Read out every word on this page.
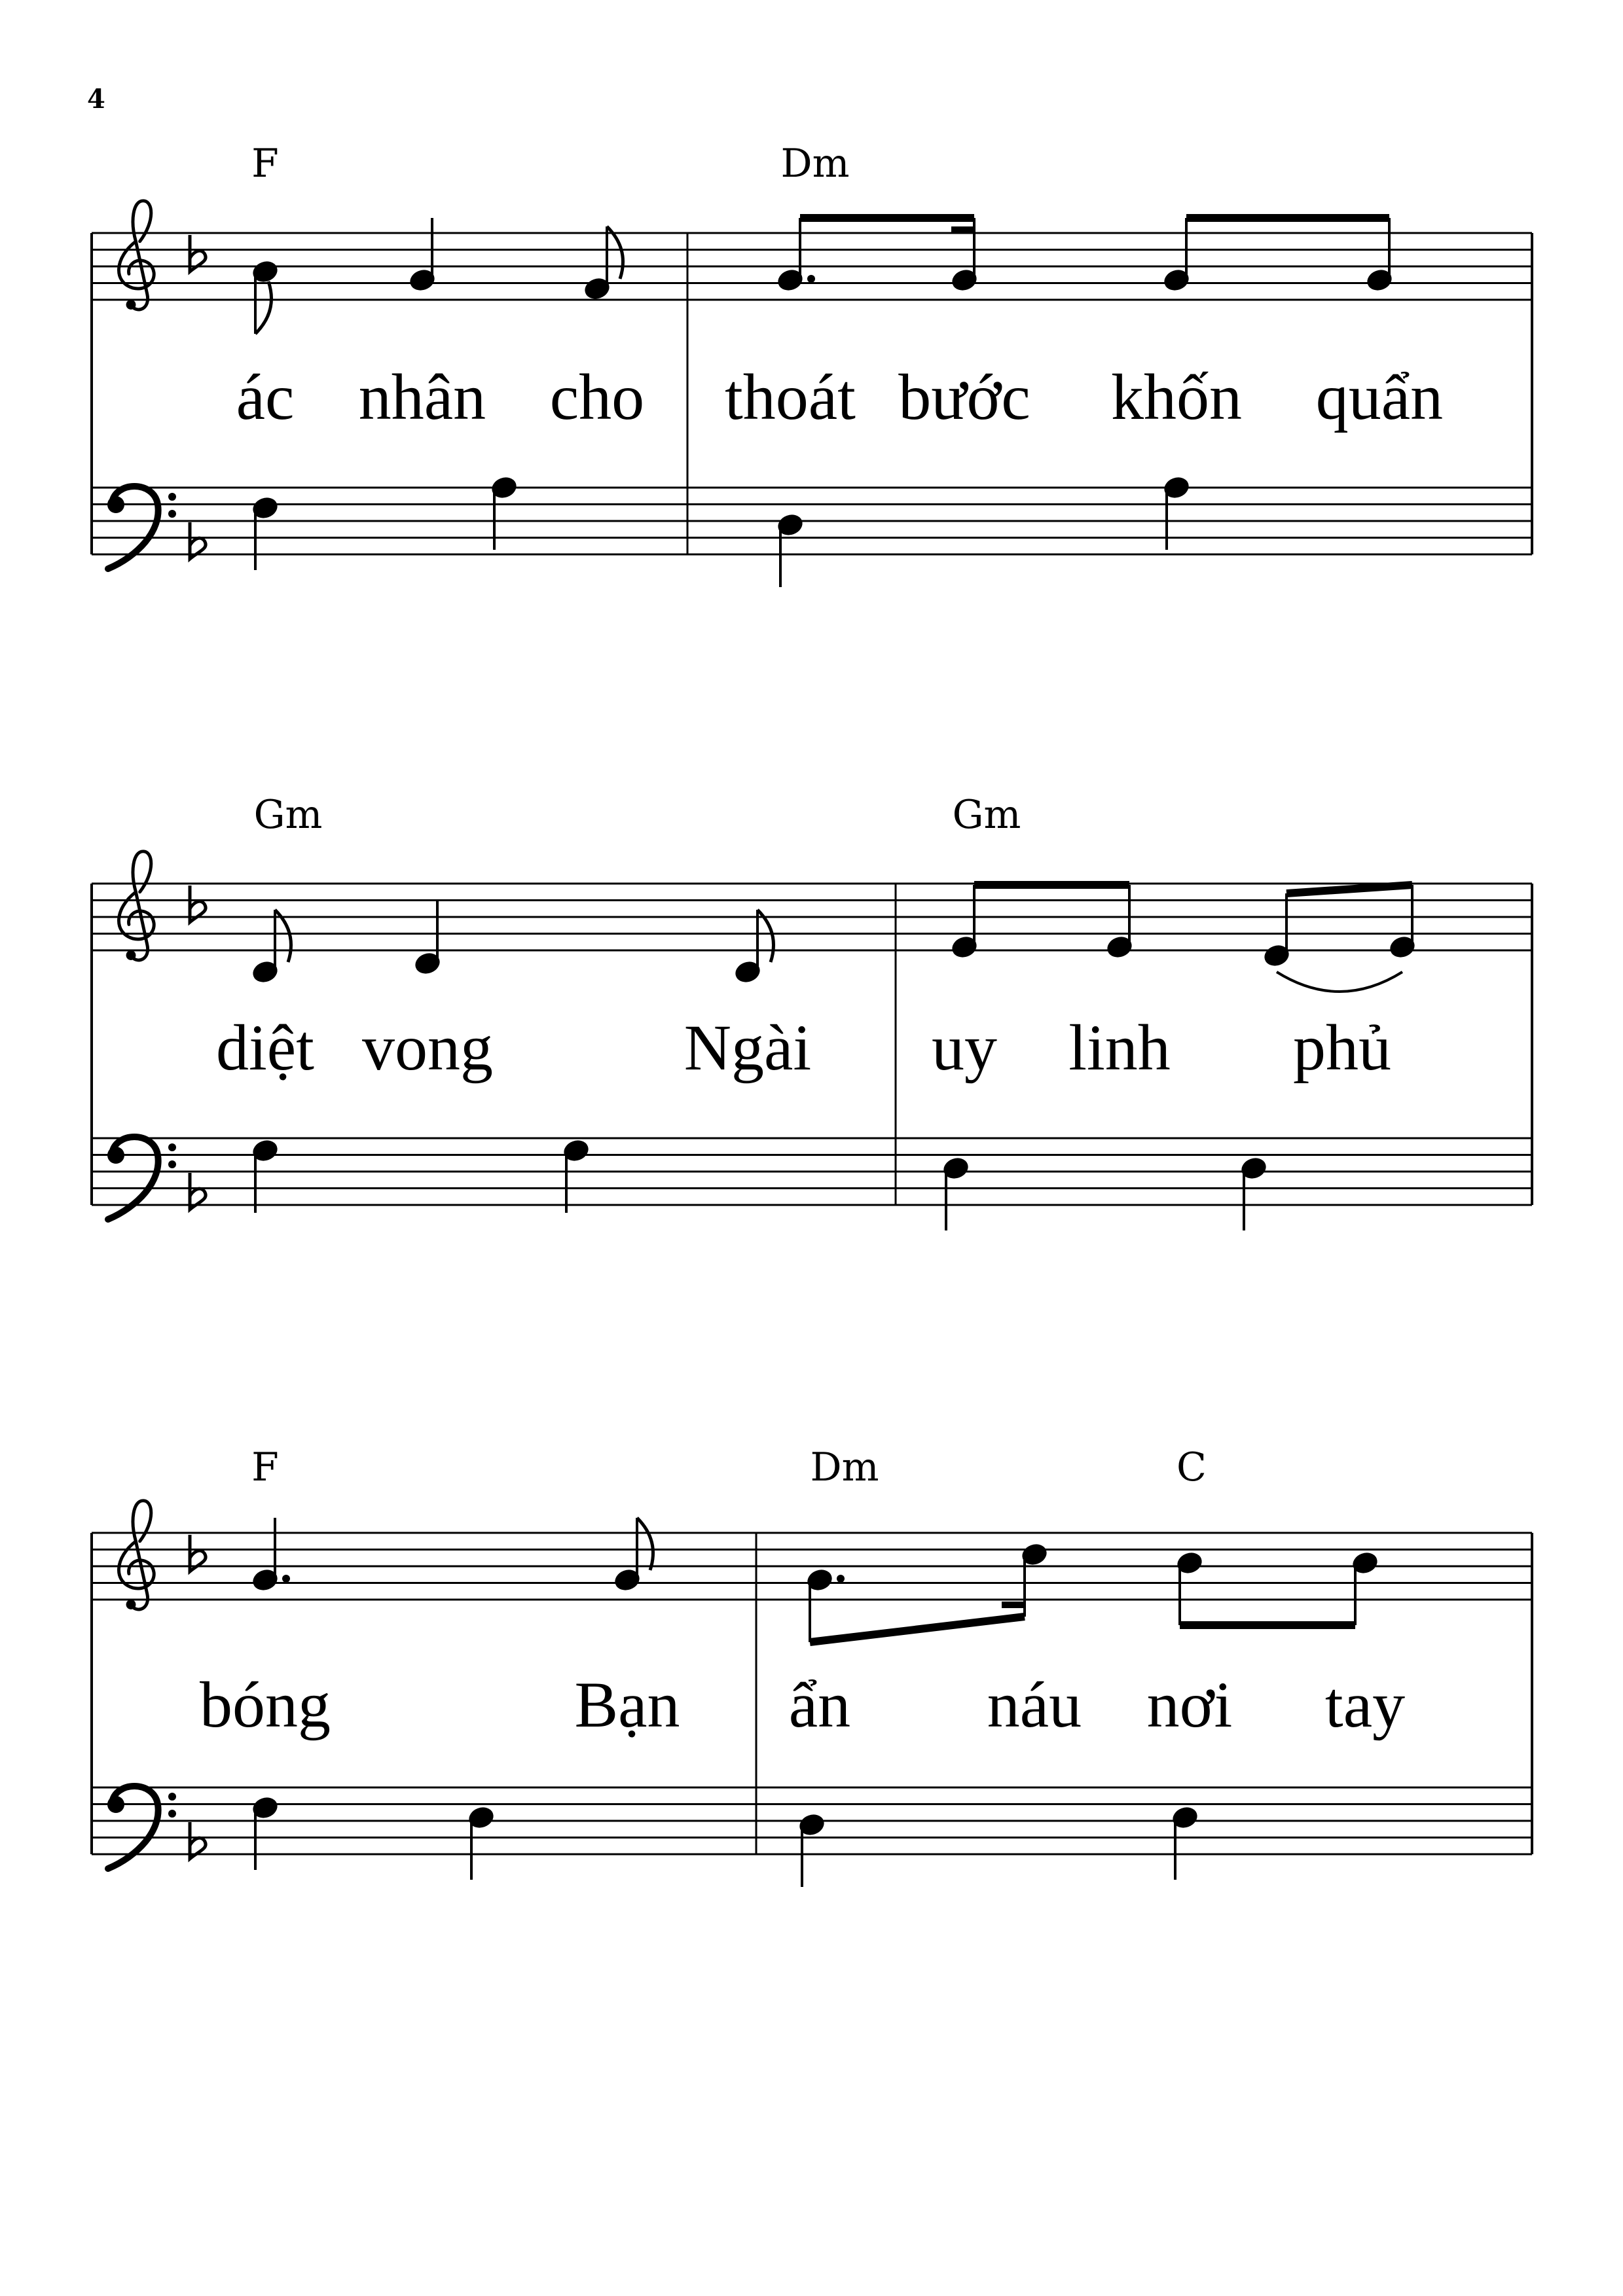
4
F	Dm
ác nhân cho thoát bước khốn quẩn
Gm	Gm
diệt vong	Ngài uy linh phủ
F	Dm	C
bóng	Bạn ẩn náu nơi tay
